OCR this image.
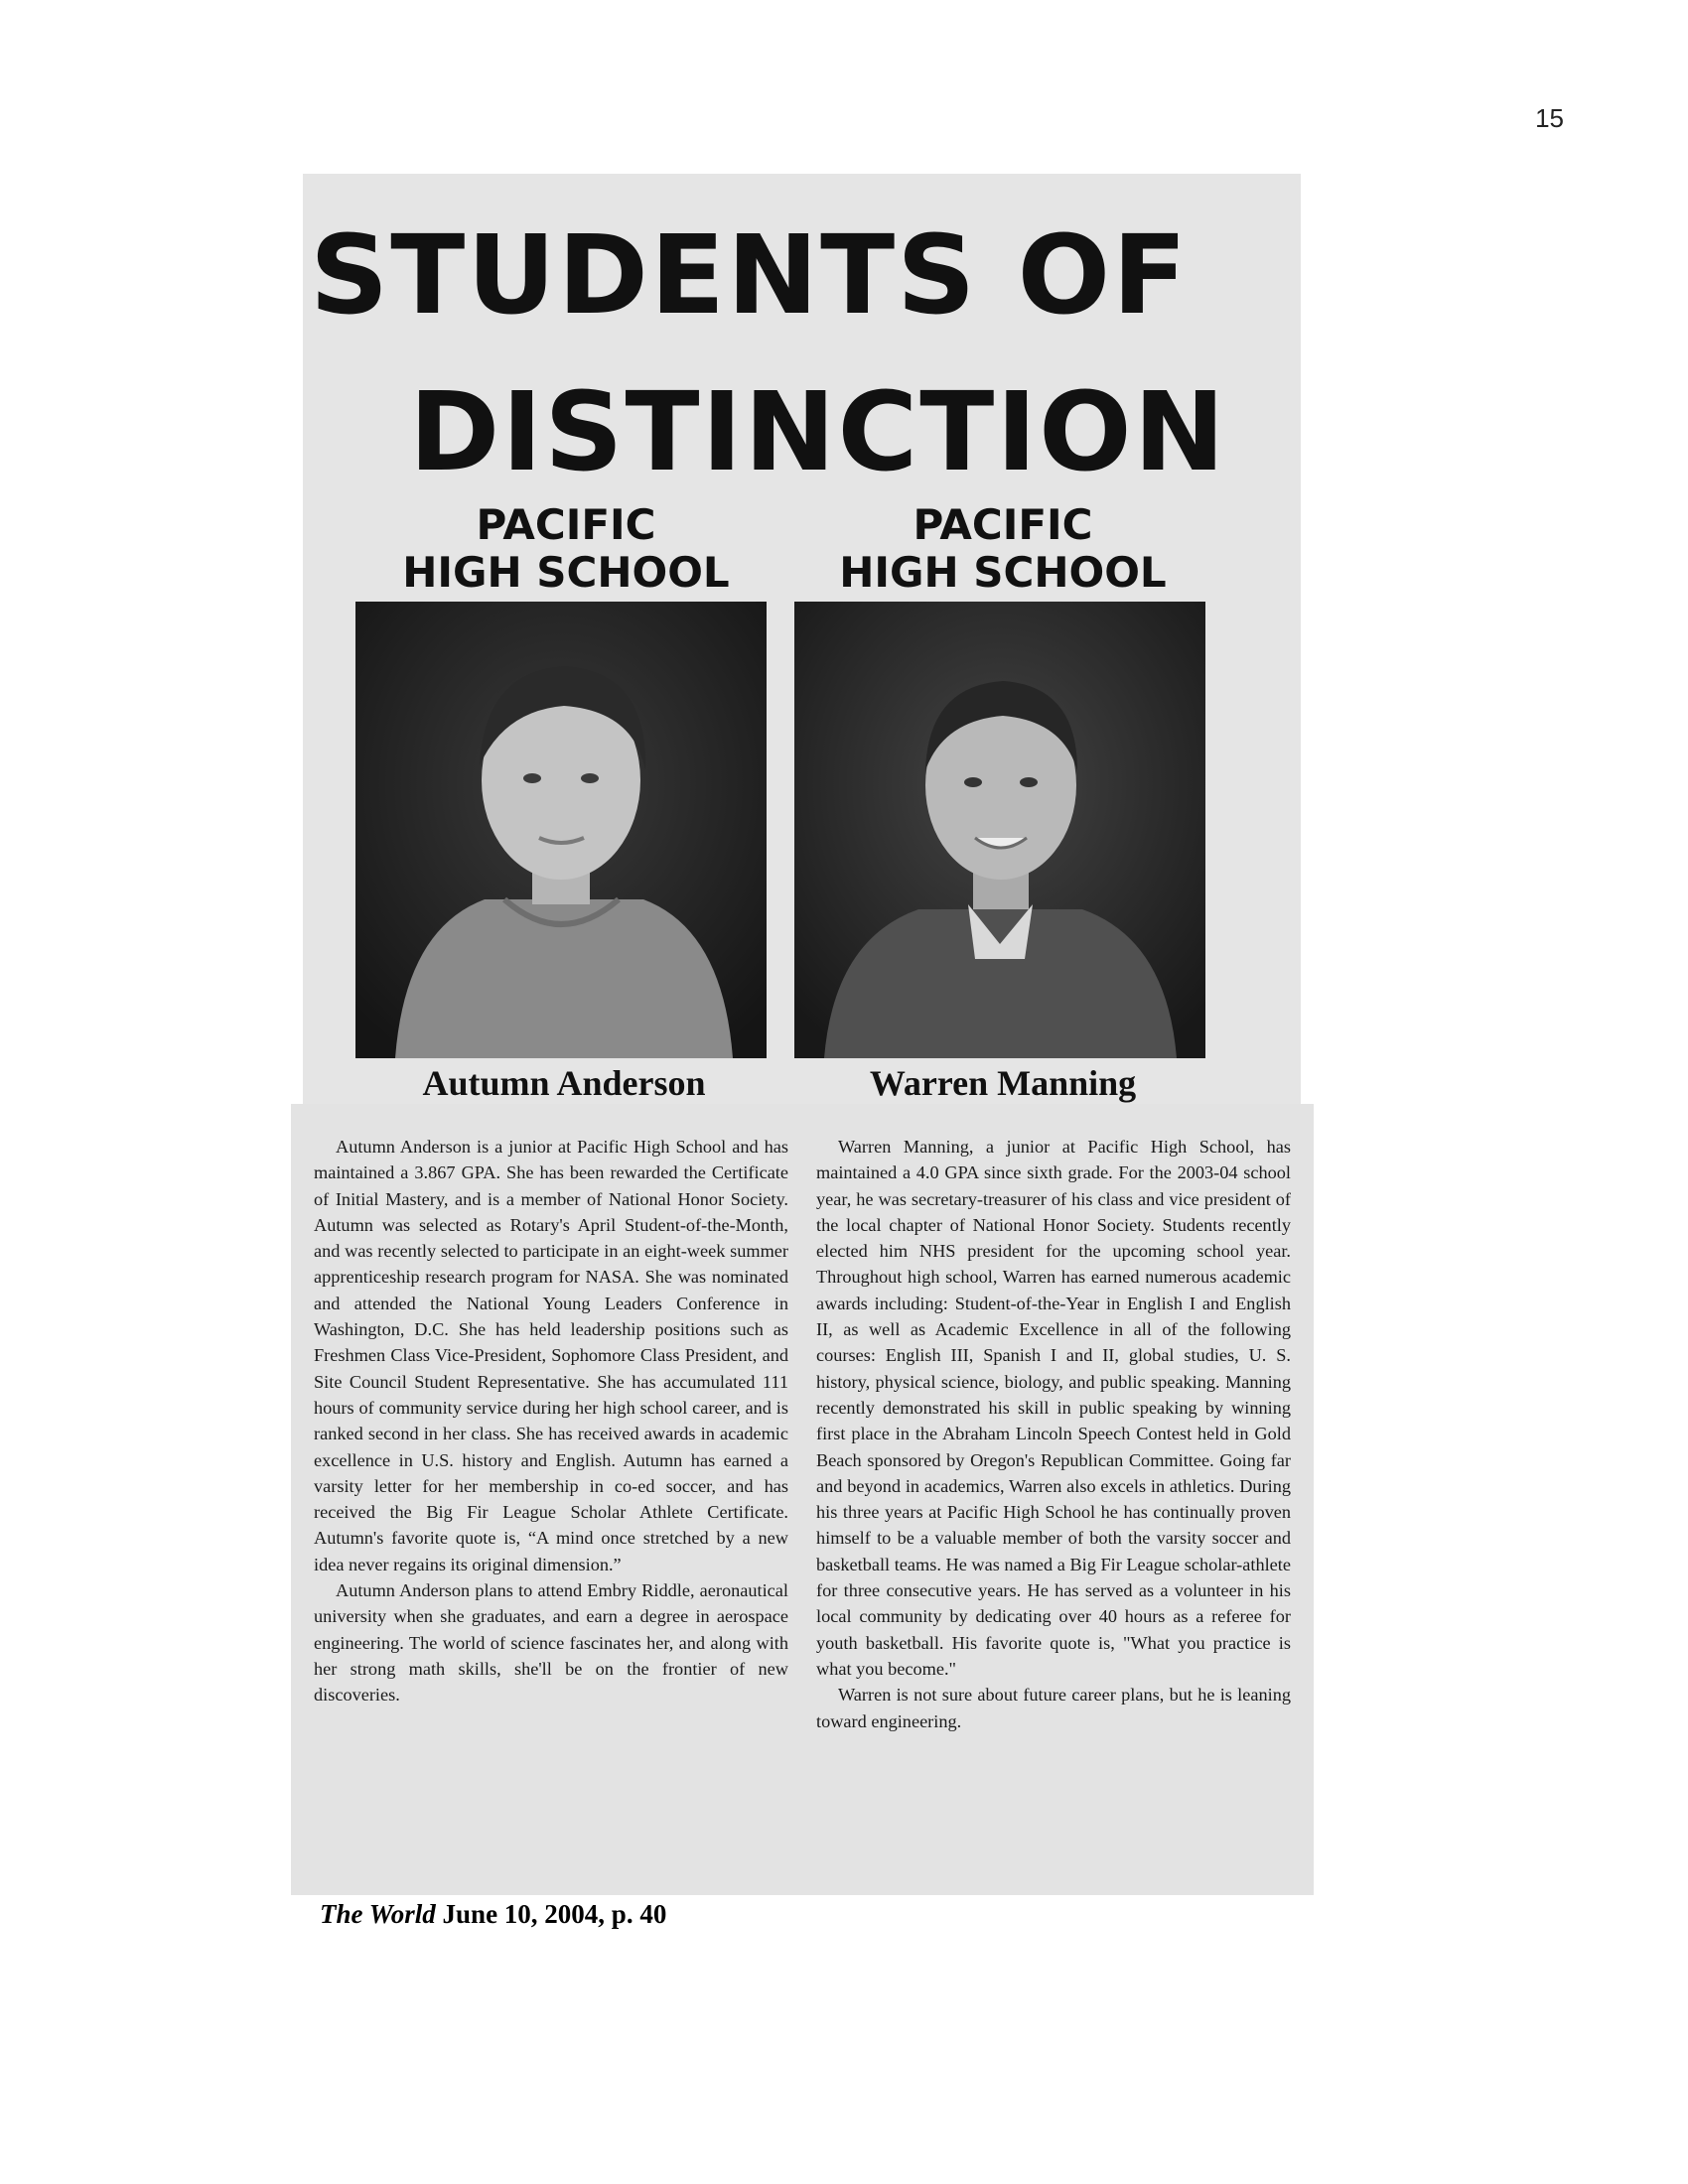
15
STUDENTS OF
DISTINCTION
PACIFIC
HIGH SCHOOL
PACIFIC
HIGH SCHOOL
Autumn Anderson	Warren Manning

Autumn Anderson is a junior at Pacific High School and has maintained a 3.867 GPA. She has been rewarded the Certificate of Initial Mastery, and is a member of National Honor Society. Autumn was selected as Rotary's April Student-of-the-Month, and was recently selected to participate in an eight-week summer apprenticeship research program for NASA. She was nominated and attended the National Young Leaders Conference in Washington, D.C. She has held leadership positions such as Freshmen Class Vice-President, Sophomore Class President, and Site Council Student Representative. She has accumulated 111 hours of community service during her high school career, and is ranked second in her class. She has received awards in academic excellence in U.S. history and English. Autumn has earned a varsity letter for her membership in co-ed soccer, and has received the Big Fir League Scholar Athlete Certificate. Autumn's favorite quote is, “A mind once stretched by a new idea never regains its original dimension.”

Autumn Anderson plans to attend Embry Riddle, aeronautical university when she graduates, and earn a degree in aerospace engineering. The world of science fascinates her, and along with her strong math skills, she'll be on the frontier of new discoveries.

Warren Manning, a junior at Pacific High School, has maintained a 4.0 GPA since sixth grade. For the 2003-04 school year, he was secretary-treasurer of his class and vice president of the local chapter of National Honor Society. Students recently elected him NHS president for the upcoming school year. Throughout high school, Warren has earned numerous academic awards including: Student-of-the-Year in English I and English II, as well as Academic Excellence in all of the following courses: English III, Spanish I and II, global studies, U. S. history, physical science, biology, and public speaking. Manning recently demonstrated his skill in public speaking by winning first place in the Abraham Lincoln Speech Contest held in Gold Beach sponsored by Oregon's Republican Committee. Going far and beyond in academics, Warren also excels in athletics. During his three years at Pacific High School he has continually proven himself to be a valuable member of both the varsity soccer and basketball teams. He was named a Big Fir League scholar-athlete for three consecutive years. He has served as a volunteer in his local community by dedicating over 40 hours as a referee for youth basketball. His favorite quote is, "What you practice is what you become."

Warren is not sure about future career plans, but he is leaning toward engineering.

The World June 10, 2004, p. 40
